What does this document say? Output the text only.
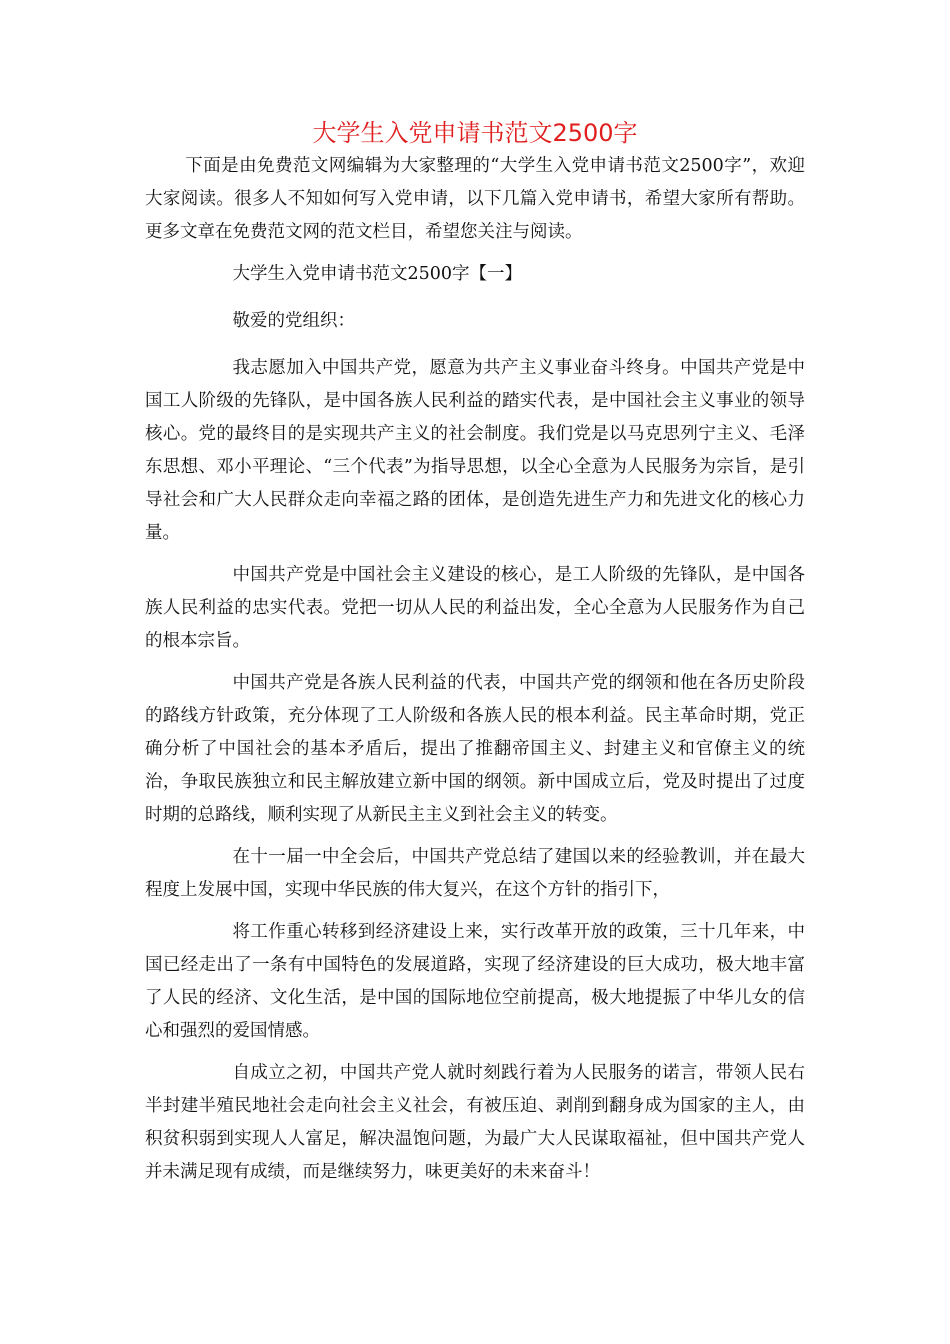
大学生入党申请书范文2500字

下面是由免费范文网编辑为大家整理的“大学生入党申请书范文2500字”，欢迎大家阅读。很多人不知如何写入党申请，以下几篇入党申请书，希望大家所有帮助。更多文章在免费范文网的范文栏目，希望您关注与阅读。

大学生入党申请书范文2500字【一】

敬爱的党组织：

我志愿加入中国共产党，愿意为共产主义事业奋斗终身。中国共产党是中国工人阶级的先锋队，是中国各族人民利益的踏实代表，是中国社会主义事业的领导核心。党的最终目的是实现共产主义的社会制度。我们党是以马克思列宁主义、毛泽东思想、邓小平理论、“三个代表”为指导思想，以全心全意为人民服务为宗旨，是引导社会和广大人民群众走向幸福之路的团体，是创造先进生产力和先进文化的核心力量。

中国共产党是中国社会主义建设的核心，是工人阶级的先锋队，是中国各族人民利益的忠实代表。党把一切从人民的利益出发，全心全意为人民服务作为自己的根本宗旨。

中国共产党是各族人民利益的代表，中国共产党的纲领和他在各历史阶段的路线方针政策，充分体现了工人阶级和各族人民的根本利益。民主革命时期，党正确分析了中国社会的基本矛盾后，提出了推翻帝国主义、封建主义和官僚主义的统治，争取民族独立和民主解放建立新中国的纲领。新中国成立后，党及时提出了过度时期的总路线，顺利实现了从新民主主义到社会主义的转变。

在十一届一中全会后，中国共产党总结了建国以来的经验教训，并在最大程度上发展中国，实现中华民族的伟大复兴，在这个方针的指引下，

将工作重心转移到经济建设上来，实行改革开放的政策，三十几年来，中国已经走出了一条有中国特色的发展道路，实现了经济建设的巨大成功，极大地丰富了人民的经济、文化生活，是中国的国际地位空前提高，极大地提振了中华儿女的信心和强烈的爱国情感。

自成立之初，中国共产党人就时刻践行着为人民服务的诺言，带领人民右半封建半殖民地社会走向社会主义社会，有被压迫、剥削到翻身成为国家的主人，由积贫积弱到实现人人富足，解决温饱问题，为最广大人民谋取福祉，但中国共产党人并未满足现有成绩，而是继续努力，味更美好的未来奋斗！
